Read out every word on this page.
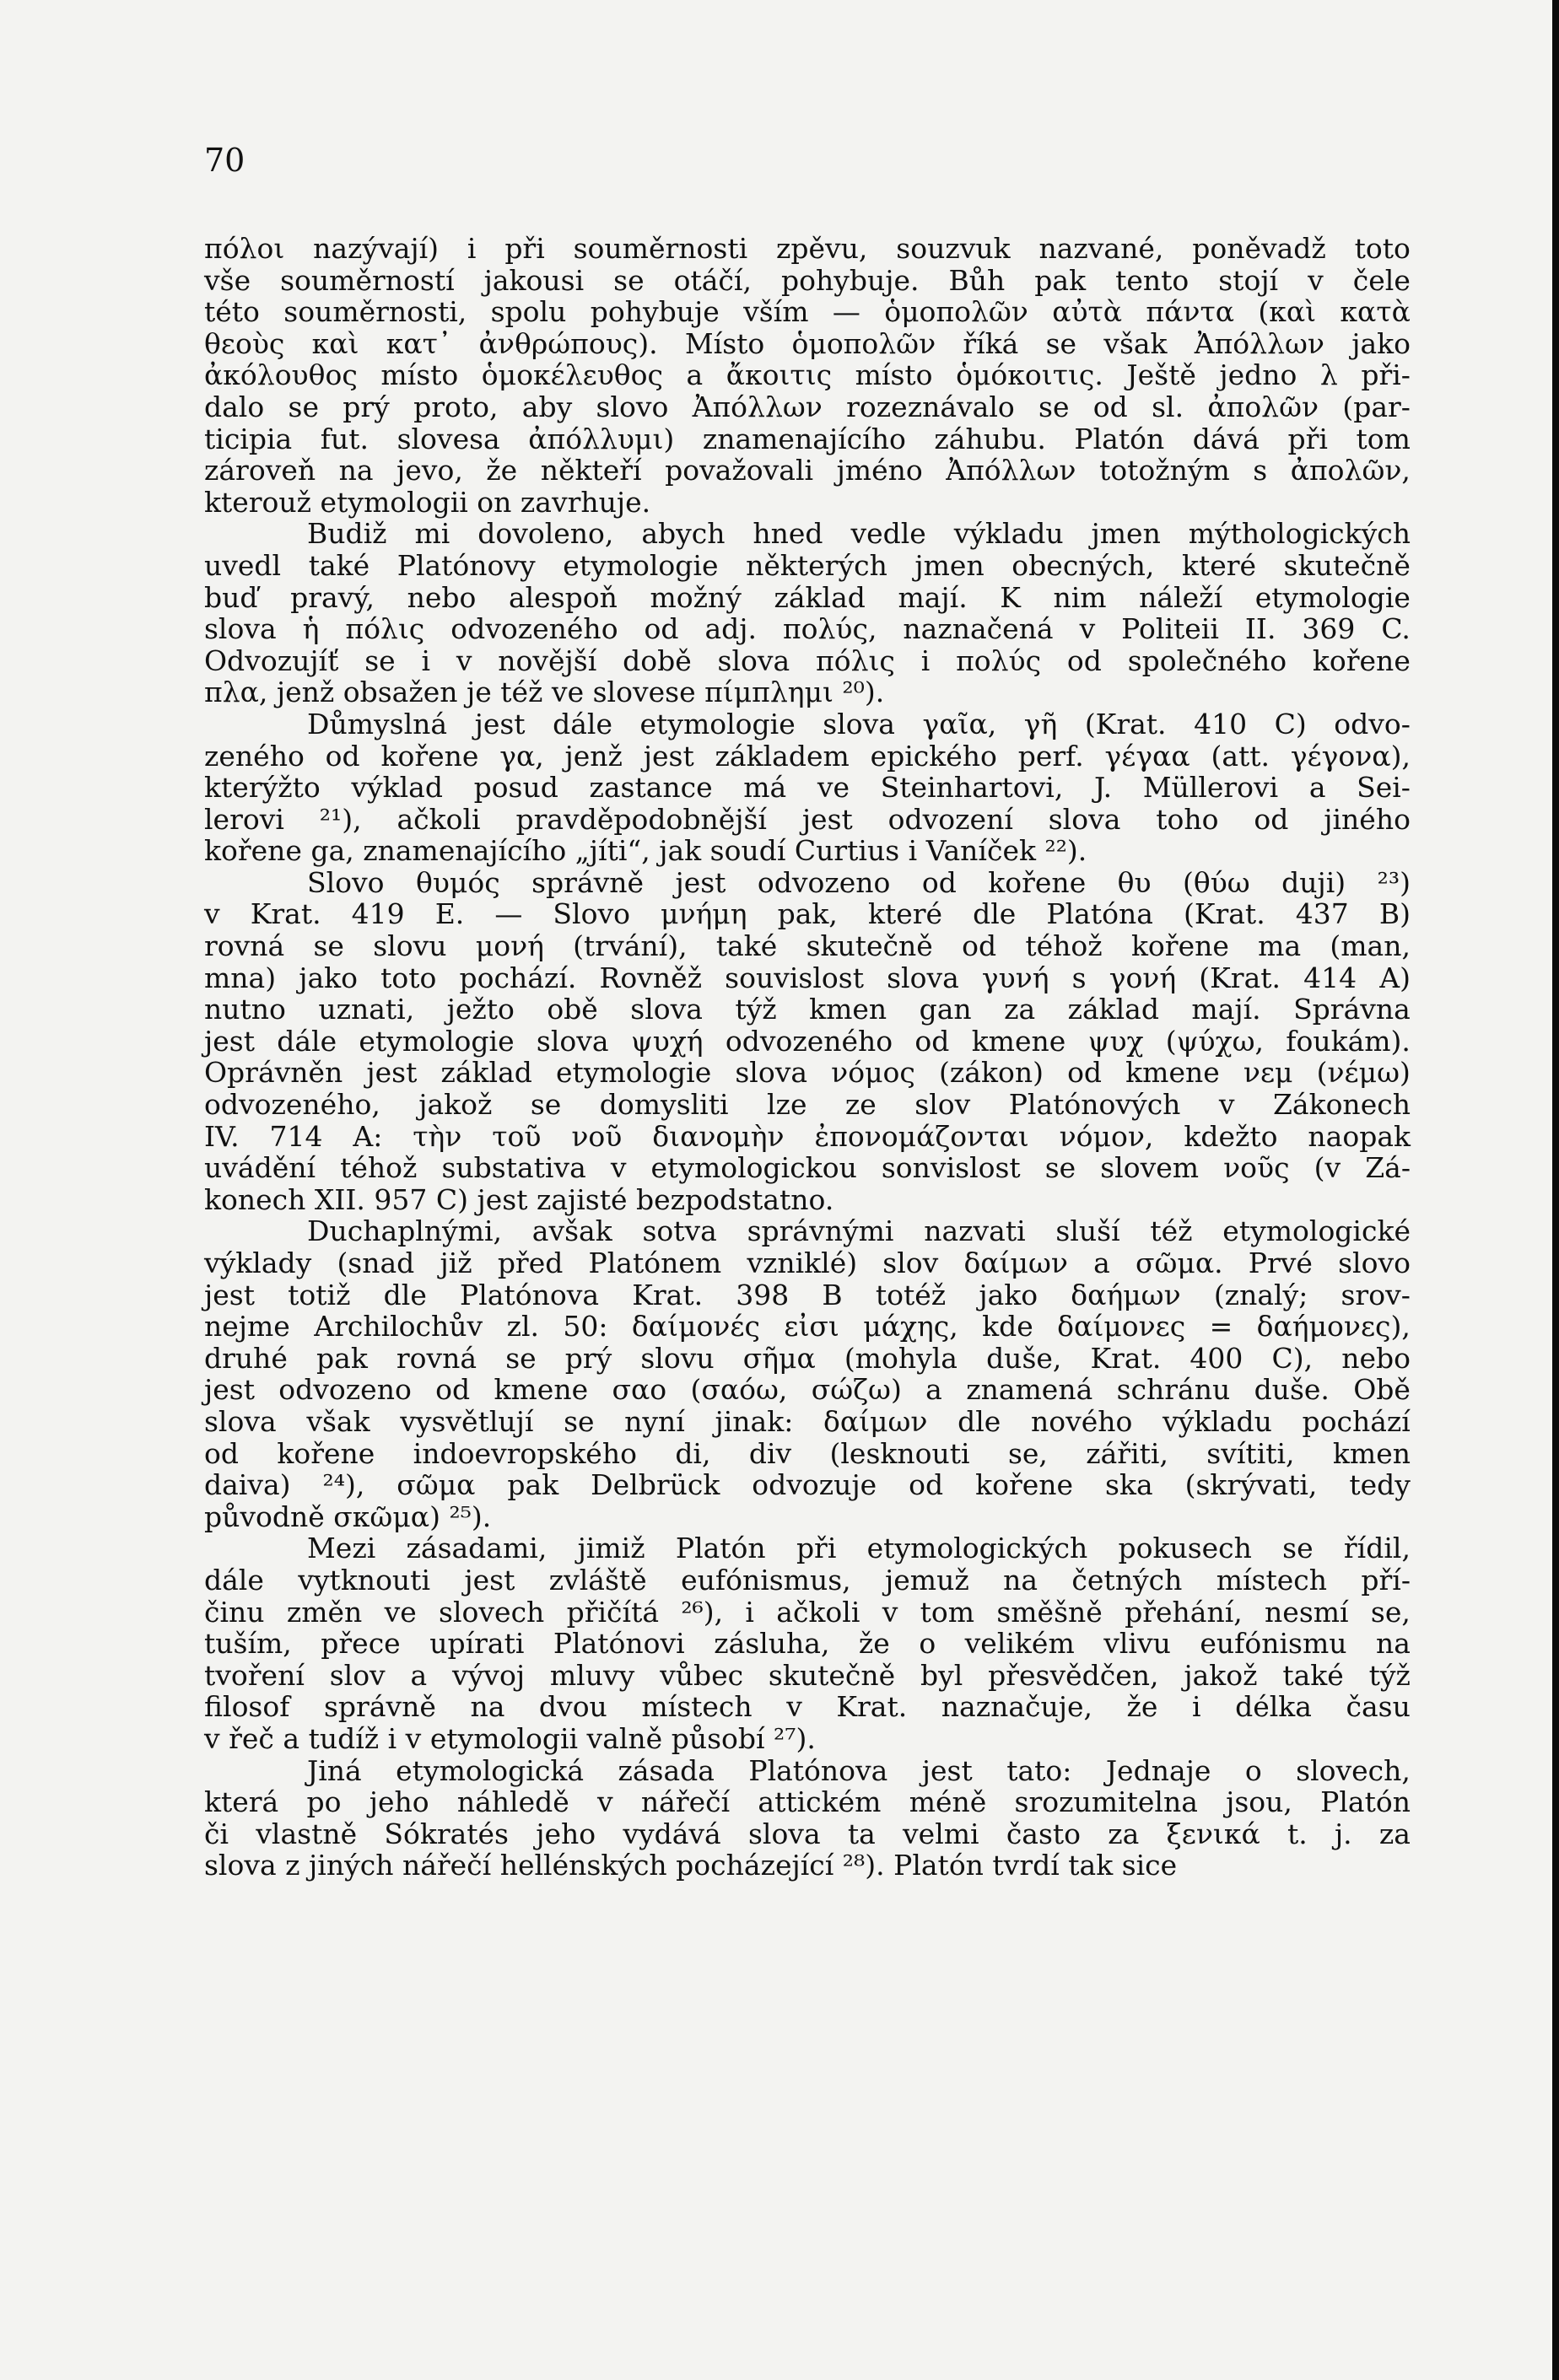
70
πόλοι nazývají) i při souměrnosti zpěvu, souzvuk nazvané, poněvadž toto
vše souměrností jakousi se otáčí, pohybuje. Bůh pak tento stojí v čele
této souměrnosti, spolu pohybuje vším — ὁμοπολῶν αὐτὰ πάντα (καὶ κατὰ
θεοὺς καὶ κατ᾽ ἀνθρώπους). Místo ὁμοπολῶν říká se však Ἀπόλλων jako
ἀκόλουθος místo ὁμοκέλευθος a ἄκοιτις místo ὁμόκοιτις. Ještě jedno λ při-
dalo se prý proto, aby slovo Ἀπόλλων rozeznávalo se od sl. ἀπολῶν (par-
ticipia fut. slovesa ἀπόλλυμι) znamenajícího záhubu. Platón dává při tom
zároveň na jevo, že někteří považovali jméno Ἀπόλλων totožným s ἀπολῶν,
kterouž etymologii on zavrhuje.
Budiž mi dovoleno, abych hned vedle výkladu jmen mýthologických
uvedl také Platónovy etymologie některých jmen obecných, které skutečně
buď pravý, nebo alespoň možný základ mají. K nim náleží etymologie
slova ἡ πόλις odvozeného od adj. πολύς, naznačená v Politeii II. 369 C.
Odvozujíť se i v novější době slova πόλις i πολύς od společného kořene
πλα, jenž obsažen je též ve slovese πίμπλημι ²⁰).
Důmyslná jest dále etymologie slova γαῖα, γῆ (Krat. 410 C) odvo-
zeného od kořene γα, jenž jest základem epického perf. γέγαα (att. γέγονα),
kterýžto výklad posud zastance má ve Steinhartovi, J. Müllerovi a Sei-
lerovi ²¹), ačkoli pravděpodobnější jest odvození slova toho od jiného
kořene ga, znamenajícího „jíti“, jak soudí Curtius i Vaníček ²²).
Slovo θυμός správně jest odvozeno od kořene θυ (θύω duji) ²³)
v Krat. 419 E. — Slovo μνήμη pak, které dle Platóna (Krat. 437 B)
rovná se slovu μονή (trvání), také skutečně od téhož kořene ma (man,
mna) jako toto pochází. Rovněž souvislost slova γυνή s γονή (Krat. 414 A)
nutno uznati, ježto obě slova týž kmen gan za základ mají. Správna
jest dále etymologie slova ψυχή odvozeného od kmene ψυχ (ψύχω, foukám).
Oprávněn jest základ etymologie slova νόμος (zákon) od kmene νεμ (νέμω)
odvozeného, jakož se domysliti lze ze slov Platónových v Zákonech
IV. 714 A: τὴν τοῦ νοῦ διανομὴν ἐπονομάζονται νόμον, kdežto naopak
uvádění téhož substativa v etymologickou sonvislost se slovem νοῦς (v Zá-
konech XII. 957 C) jest zajisté bezpodstatno.
Duchaplnými, avšak sotva správnými nazvati sluší též etymologické
výklady (snad již před Platónem vzniklé) slov δαίμων a σῶμα. Prvé slovo
jest totiž dle Platónova Krat. 398 B totéž jako δαήμων (znalý; srov-
nejme Archilochův zl. 50: δαίμονές εἰσι μάχης, kde δαίμονες = δαήμονες),
druhé pak rovná se prý slovu σῆμα (mohyla duše, Krat. 400 C), nebo
jest odvozeno od kmene σαο (σαόω, σώζω) a znamená schránu duše. Obě
slova však vysvětlují se nyní jinak: δαίμων dle nového výkladu pochází
od kořene indoevropského di, div (lesknouti se, zářiti, svítiti, kmen
daiva) ²⁴), σῶμα pak Delbrück odvozuje od kořene ska (skrývati, tedy
původně σκῶμα) ²⁵).
Mezi zásadami, jimiž Platón při etymologických pokusech se řídil,
dále vytknouti jest zvláště eufónismus, jemuž na četných místech pří-
činu změn ve slovech přičítá ²⁶), i ačkoli v tom směšně přehání, nesmí se,
tuším, přece upírati Platónovi zásluha, že o velikém vlivu eufónismu na
tvoření slov a vývoj mluvy vůbec skutečně byl přesvědčen, jakož také týž
filosof správně na dvou místech v Krat. naznačuje, že i délka času
v řeč a tudíž i v etymologii valně působí ²⁷).
Jiná etymologická zásada Platónova jest tato: Jednaje o slovech,
která po jeho náhledě v nářečí attickém méně srozumitelna jsou, Platón
či vlastně Sókratés jeho vydává slova ta velmi často za ξενικά t. j. za
slova z jiných nářečí hellénských pocházející ²⁸). Platón tvrdí tak sice
